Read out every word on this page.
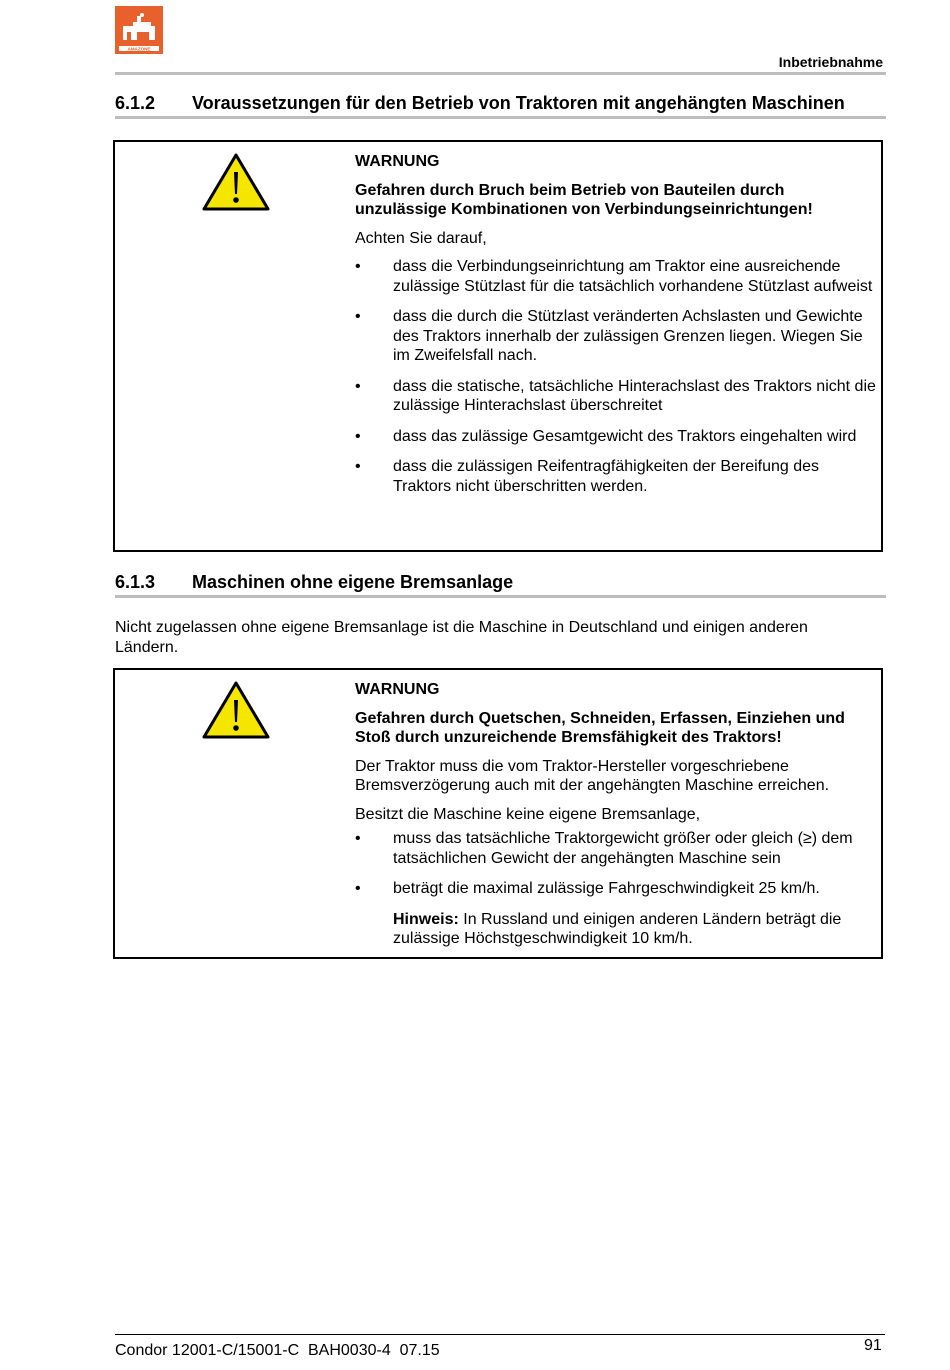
AMAZONE
Inbetriebnahme
6.1.2 Voraussetzungen für den Betrieb von Traktoren mit angehängten Maschinen

WARNUNG

Gefahren durch Bruch beim Betrieb von Bauteilen durch unzulässige Kombinationen von Verbindungseinrichtungen!

Achten Sie darauf,

• dass die Verbindungseinrichtung am Traktor eine ausreichende zulässige Stützlast für die tatsächlich vorhandene Stützlast aufweist
• dass die durch die Stützlast veränderten Achslasten und Gewichte des Traktors innerhalb der zulässigen Grenzen liegen. Wiegen Sie im Zweifelsfall nach.
• dass die statische, tatsächliche Hinterachslast des Traktors nicht die zulässige Hinterachslast überschreitet
• dass das zulässige Gesamtgewicht des Traktors eingehalten wird
• dass die zulässigen Reifentragfähigkeiten der Bereifung des Traktors nicht überschritten werden.
6.1.3 Maschinen ohne eigene Bremsanlage
Nicht zugelassen ohne eigene Bremsanlage ist die Maschine in Deutschland und einigen anderen Ländern.

WARNUNG

Gefahren durch Quetschen, Schneiden, Erfassen, Einziehen und Stoß durch unzureichende Bremsfähigkeit des Traktors!

Der Traktor muss die vom Traktor-Hersteller vorgeschriebene Bremsverzögerung auch mit der angehängten Maschine erreichen.

Besitzt die Maschine keine eigene Bremsanlage,

• muss das tatsächliche Traktorgewicht größer oder gleich (≥) dem tatsächlichen Gewicht der angehängten Maschine sein
• beträgt die maximal zulässige Fahrgeschwindigkeit 25 km/h.
Hinweis: In Russland und einigen anderen Ländern beträgt die zulässige Höchstgeschwindigkeit 10 km/h.
Condor 12001-C/15001-C  BAH0030-4  07.15	91
